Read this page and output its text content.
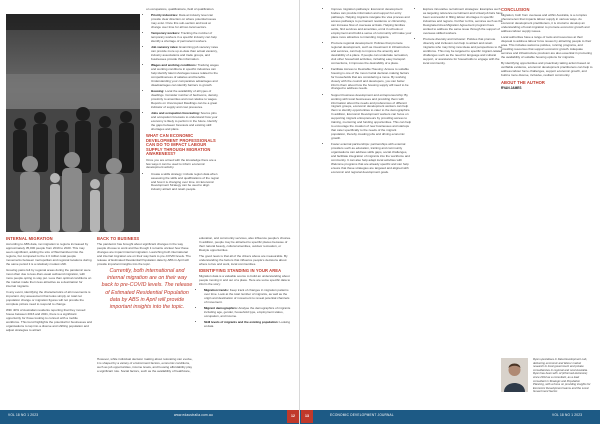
British migrant workforce arrives in Ancona Board is greeted by Prime Minister Ben Chifley at Bonegilla Migrant Reception Centre, Victoria. 1950.
INTERNAL MIGRATION

According to ABS data, net migration to regions increased by approximately 35,000 people from 2019 to 2020. This may seem significant, adding the size of Warrnambool into the regions, but compared to the 2.3 million total people movements between metropolitan and regional locations during the same period it is a relatively modest shift.

Growing pains felt by regional areas during the pandemic were most often due to less-than-usual outbound migration, with more people opting to stay put. Less than optimal conditions on the market made them less attractive as a destination for internal migrants.

In any event, identifying the characteristics of all movements is important. Any assessment that looks simply on total net population change or migration figures will not provide the complete picture need to respond to change.

With 40% of Australian residents reporting that they moved house between 2016 and 2021, there is a significant opportunity for those looking to connect with a mobile workforce. This trend highlights the potential for businesses and organisations to tap into a diverse and shifting population and adjust strategies to attract

BACK TO BUSINESS

The pandemic has brought about significant changes in the way people choose to work and live though it remains unclear how these changes are impact internal migration. Launching both international and internal migration are on their way back to pre-COVID levels. The release of Estimated Residential Population data by ABS in April will provide important insights into the topic.

Currently, both international and internal migration are on their way back to pre-COVID levels. The release of Estimated Residential Population data by ABS in April will provide important insights into the topic.

However, while individual decision making about relocating can evolve, it is shaped by a variety of environment factors, economic conditions, such as job opportunities, income levels, and housing affordability play a significant role. Social factors, such as the availability of healthcare,

education, and community services, also influence people's choices. In addition, people may be attracted to specific places because of their natural beauty, cultural amenities, outdoor recreation, or lifestyle opportunities.

The good news is that all of the drivers above are measurable. By understanding the factors that influence people's decisions about where to live and work, local communities.

IDENTIFYING STANDING IN YOUR AREA

Migration data is a valuable source to build an understanding about people moving in and out of a place. Here are some specific data to inform the story:

• Migration trends: Keep track of changes in migration patterns over time. Look at the total number of migrants, as well as the origin and destination of movement to reveal potential channels of movement.
• Migrant demographics: Analyse the demographics of migrants including age, gender, household type, employment status, occupation, and income.
• Skill levels of migrants and the existing population: Looking at data

on occupations, qualifications, field of qualification.

• Priority industries: Data at industry level can provide clear direction on where potential issues may exist. Once this sub-section and look at change over time for all two local sectors.
• Temporary workers: Tracking the number of temporary workers in a specific industry can help identify a shortage of permanent workers.
• Job vacancy rates: Examining job vacancy rates can provide more up-to-date than actual vacancy, industry associations and trade groups, and businesses provide this information.
• Wages and working conditions: Tracking wages and working conditions in specific industries can help identify talent shortages issues related to the competitiveness of salaries and benefits. Understanding your comparative advantages and disadvantages can identify barriers to growth.
• Housing: Local the availability of all types of dwellings. Consider number of bedrooms, density, proximity to amenities and cost relative to wages. Reports on Unoccupied Dwellings can be a great indicator of supply and cost pressures.
• Jobs and occupation forecasting: Source jobs and occupation forecasts to understand how your economy is likely to perform in the future. Identify the gaps between forecasts and existing skill shortages and plans.
WHAT CAN ECONOMIC DEVELOPMENT PROFESSIONALS CAN DO TO IMPACT LABOUR SUPPLY THROUGH MIGRATION AWARENESS?

Once you are armed with the knowledge there are a few ways it can be used to inform economic development activity.

• Create a skills strategy: include region data when assessing the skills and qualifications of the region and how it is changing over time. An Economic Development Strategy can be used to align industry attract and retain people.
• Improve migration pathways: Economic development bodies can provide information and support for entry pathways. Helping migrants navigate the visa process and access pathways to permanent residence or citizenship, can increase flow of overseas arrivals. Helping families settle, find services and amenities, enrol in schools or employment and build a sense of community will make your place more attractive to intending migrants.
• Promote regional development: Policies that promote regional development, such as investment in infrastructure and services, can help to improve the amenity and desirability of a place. If people can undertake recreation, visit other household activities, including easy transport connections, it improves the desirability of a place.
• Facilitate Access to Desirable Housing: Access to suitable housing is one of the most crucial decision-making factors for households that are considering a move. By working closely with the council and developers, you can better inform them about how the housing supply will need to be changed to address needs.
• Support business development and entrepreneurship: By working with local businesses and providing them with information about the needs and preferences of different migrant groups, economic development workers can help them to identify opportunities to cater to the demographics. In addition, Economic Development workers can focus on supporting migrant entrepreneurs by providing access to training, mentoring and funding opportunities. This can help to encourage the creation of new businesses and startups that cater specifically to the needs of the migrant population, thereby creating jobs and driving economic growth.
• Foster external partnerships: partnerships with external providers such as education, training and community organisations can address skills gaps, social challenges, and facilitate integration of migrants into the workforce and community. It can also help adapt local activities with Welcome programs that are already specific and can help ensure that these strategies are targeted and aligned with economic and regional development goals.
• Explore innovative recruitment strategies: Examples such as targeting reference recruitment and virtual job fairs have been successful in filling labour shortages in specific industries and regions. Further to this, services such as the Designated Area Migration Agreement program have worked to address the same issue through the support of overseas skilled workers.
• Promote diversity and inclusion: Policies that promote diversity and inclusion can help to attract and retain migrants who may bring new ideas and perspectives to the workforce. This may be targeted to specific migrant-related challenges such as the need for language and cultural support, or assistance for households to engage with the local community.
CONCLUSION

Migration, both from overseas and within Australia, is a complex phenomenon that impacts labour supply in various ways. As economic development practitioners, it is crucial to develop an understanding of local migration to promote economic growth and address labour supply issues.

Local authorities have a range of tools and resources at their disposal to address labour force issues by attracting people to their area. This includes welcome policies, running programs, and providing resources that support economic growth. Adequate services and infrastructure provision are also essential in promoting the availability of suitable housing options for migrants.

By identifying opportunities and proactively taking action based on verifiable evidence, economic development practitioners can help to address labour force challenges, support economic growth, and build a more diverse, inclusive, resilient community.

ABOUT THE AUTHOR
RYAN JAMES
Ryan specialises in Data Development Lab, delivering economic and labour market research to local government and private consultancies in regional and rural Australia. Ryan has been with .id (informed decisions) since 2014 as a consultant, as a lead consultant in Strategic and Population Planning, with a focus on providing insights for Economic Development teams and the Local Government Sector.
VOL 18 NO 1 2023	www.edaustralia.com.au	12	13	ECONOMIC DEVELOPMENT JOURNAL	VOL 18 NO 1 2023
